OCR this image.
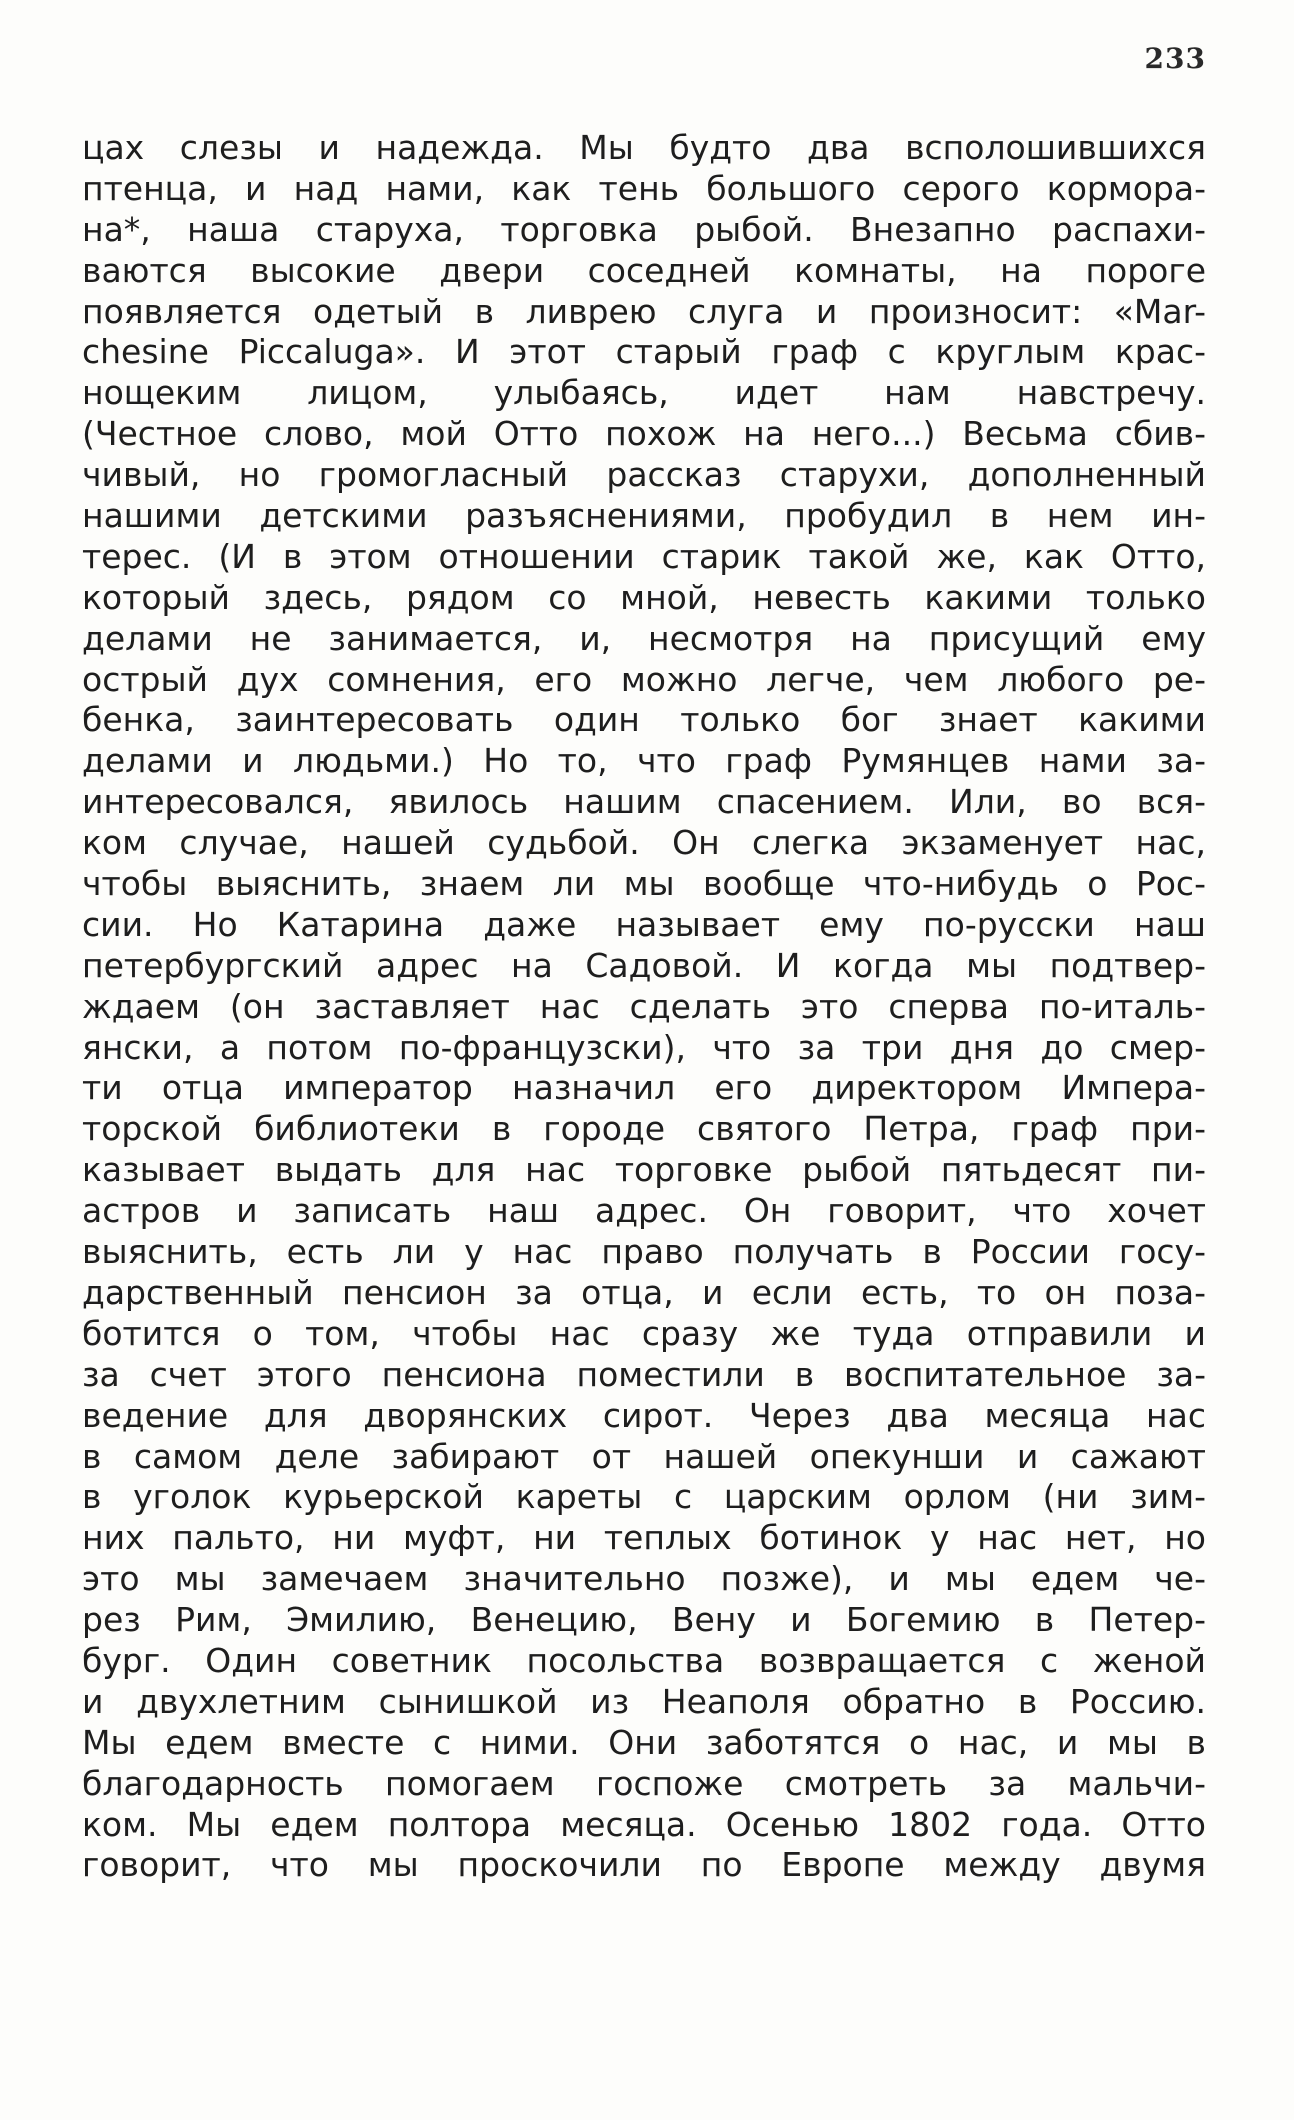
233
цах слезы и надежда. Мы будто два всполошившихся
птенца, и над нами, как тень большого серого кормора-
на*, наша старуха, торговка рыбой. Внезапно распахи-
ваются высокие двери соседней комнаты, на пороге
появляется одетый в ливрею слуга и произносит: «Mar-
chesine Piccaluga». И этот старый граф с круглым крас-
нощеким лицом, улыбаясь, идет нам навстречу.
(Честное слово, мой Отто похож на него...) Весьма сбив-
чивый, но громогласный рассказ старухи, дополненный
нашими детскими разъяснениями, пробудил в нем ин-
терес. (И в этом отношении старик такой же, как Отто,
который здесь, рядом со мной, невесть какими только
делами не занимается, и, несмотря на присущий ему
острый дух сомнения, его можно легче, чем любого ре-
бенка, заинтересовать один только бог знает какими
делами и людьми.) Но то, что граф Румянцев нами за-
интересовался, явилось нашим спасением. Или, во вся-
ком случае, нашей судьбой. Он слегка экзаменует нас,
чтобы выяснить, знаем ли мы вообще что-нибудь о Рос-
сии. Но Катарина даже называет ему по-русски наш
петербургский адрес на Садовой. И когда мы подтвер-
ждаем (он заставляет нас сделать это сперва по-италь-
янски, а потом по-французски), что за три дня до смер-
ти отца император назначил его директором Импера-
торской библиотеки в городе святого Петра, граф при-
казывает выдать для нас торговке рыбой пятьдесят пи-
астров и записать наш адрес. Он говорит, что хочет
выяснить, есть ли у нас право получать в России госу-
дарственный пенсион за отца, и если есть, то он поза-
ботится о том, чтобы нас сразу же туда отправили и
за счет этого пенсиона поместили в воспитательное за-
ведение для дворянских сирот. Через два месяца нас
в самом деле забирают от нашей опекунши и сажают
в уголок курьерской кареты с царским орлом (ни зим-
них пальто, ни муфт, ни теплых ботинок у нас нет, но
это мы замечаем значительно позже), и мы едем че-
рез Рим, Эмилию, Венецию, Вену и Богемию в Петер-
бург. Один советник посольства возвращается с женой
и двухлетним сынишкой из Неаполя обратно в Россию.
Мы едем вместе с ними. Они заботятся о нас, и мы в
благодарность помогаем госпоже смотреть за мальчи-
ком. Мы едем полтора месяца. Осенью 1802 года. Отто
говорит, что мы проскочили по Европе между двумя
